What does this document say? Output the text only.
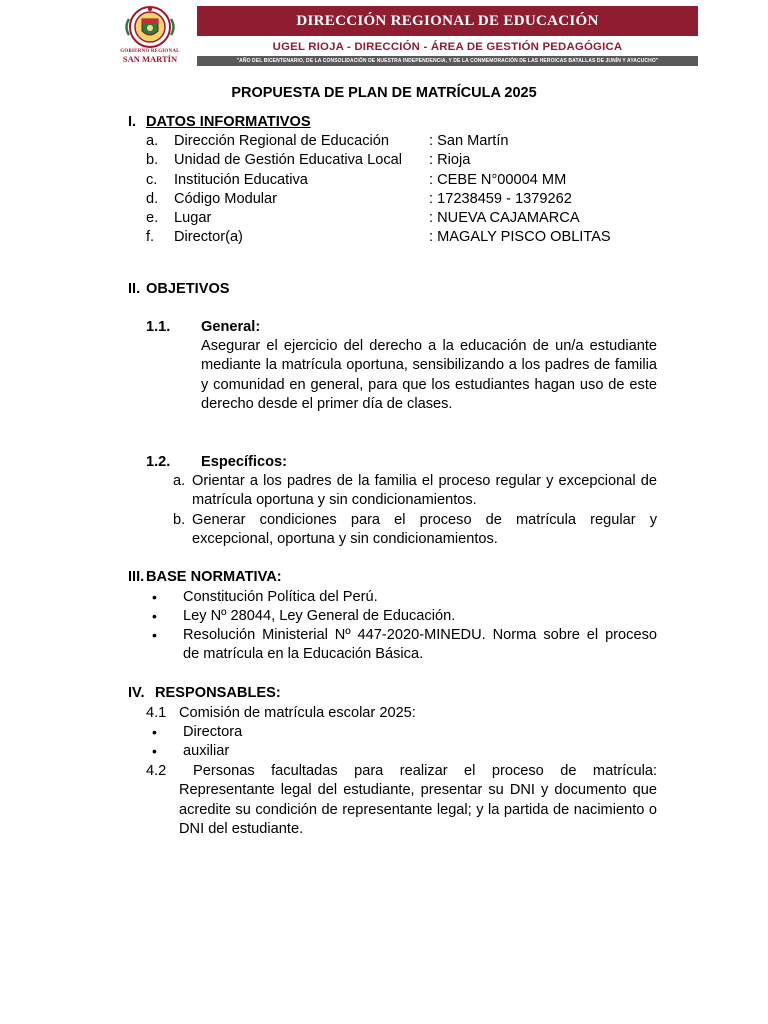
GOBIERNO REGIONAL
SAN MARTÍN
DIRECCIÓN REGIONAL DE EDUCACIÓN
UGEL RIOJA - DIRECCIÓN - ÁREA DE GESTIÓN PEDAGÓGICA
"AÑO DEL BICENTENARIO, DE LA CONSOLIDACIÓN DE NUESTRA INDEPENDENCIA, Y DE LA CONMEMORACIÓN DE LAS HEROICAS BATALLAS DE JUNÍN Y AYACUCHO"
PROPUESTA DE PLAN DE MATRÍCULA 2025
I. DATOS INFORMATIVOS
a. Dirección Regional de Educación	: San Martín
b. Unidad de Gestión Educativa Local : Rioja
c. Institución Educativa	: CEBE N°00004 MM
d. Código Modular	: 17238459 - 1379262
e. Lugar	: NUEVA CAJAMARCA
f. Director(a)	: MAGALY PISCO OBLITAS
II. OBJETIVOS
1.1. General:
Asegurar el ejercicio del derecho a la educación de un/a estudiante mediante la matrícula oportuna, sensibilizando a los padres de familia y comunidad en general, para que los estudiantes hagan uso de este derecho desde el primer día de clases.
1.2. Específicos:
a. Orientar a los padres de la familia el proceso regular y excepcional de matrícula oportuna y sin condicionamientos.
b. Generar condiciones para el proceso de matrícula regular y excepcional, oportuna y sin condicionamientos.
III. BASE NORMATIVA:
• Constitución Política del Perú.
• Ley Nº 28044, Ley General de Educación.
• Resolución Ministerial Nº 447-2020-MINEDU. Norma sobre el proceso de matrícula en la Educación Básica.
IV. RESPONSABLES:
4.1 Comisión de matrícula escolar 2025:
• Directora
• auxiliar
4.2	Personas facultadas para realizar el proceso de matrícula: Representante legal del estudiante, presentar su DNI y documento que acredite su condición de representante legal; y la partida de nacimiento o DNI del estudiante.
